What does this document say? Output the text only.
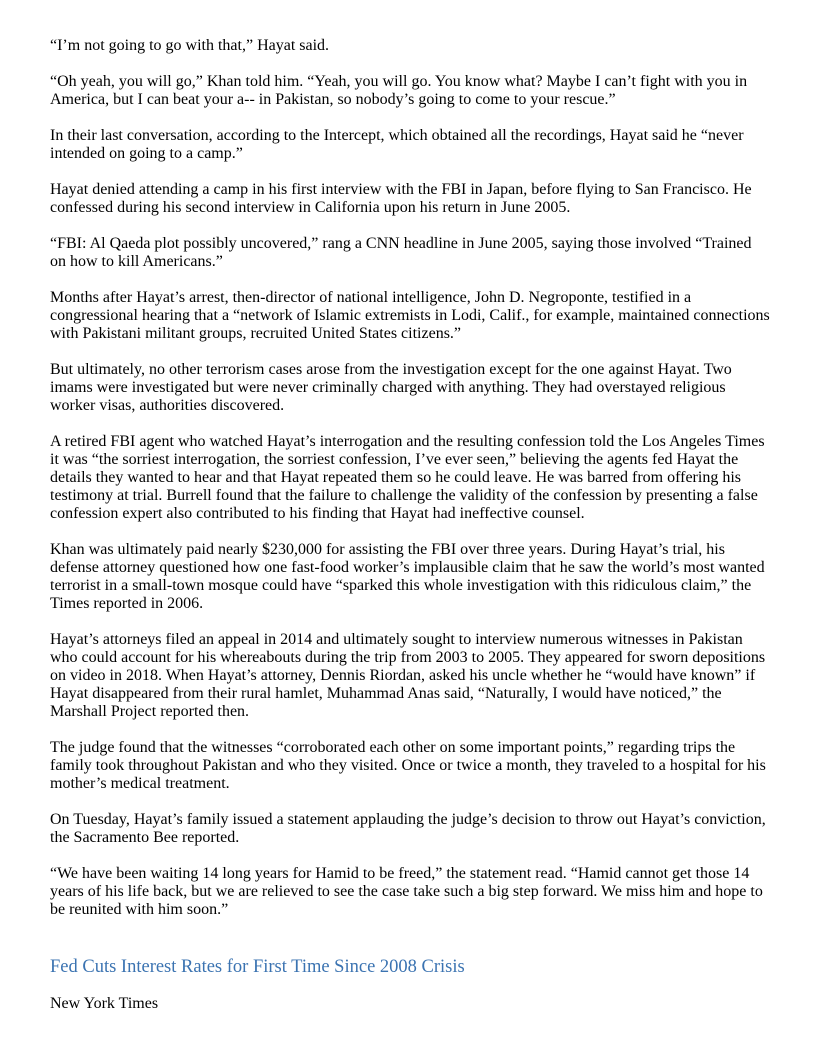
“I’m not going to go with that,” Hayat said.

“Oh yeah, you will go,” Khan told him. “Yeah, you will go. You know what? Maybe I can’t fight with you in America, but I can beat your a-- in Pakistan, so nobody’s going to come to your rescue.”

In their last conversation, according to the Intercept, which obtained all the recordings, Hayat said he “never intended on going to a camp.”

Hayat denied attending a camp in his first interview with the FBI in Japan, before flying to San Francisco. He confessed during his second interview in California upon his return in June 2005.

“FBI: Al Qaeda plot possibly uncovered,” rang a CNN headline in June 2005, saying those involved “Trained on how to kill Americans.”

Months after Hayat’s arrest, then-director of national intelligence, John D. Negroponte, testified in a congressional hearing that a “network of Islamic extremists in Lodi, Calif., for example, maintained connections with Pakistani militant groups, recruited United States citizens.”

But ultimately, no other terrorism cases arose from the investigation except for the one against Hayat. Two imams were investigated but were never criminally charged with anything. They had overstayed religious worker visas, authorities discovered.

A retired FBI agent who watched Hayat’s interrogation and the resulting confession told the Los Angeles Times it was “the sorriest interrogation, the sorriest confession, I’ve ever seen,” believing the agents fed Hayat the details they wanted to hear and that Hayat repeated them so he could leave. He was barred from offering his testimony at trial. Burrell found that the failure to challenge the validity of the confession by presenting a false confession expert also contributed to his finding that Hayat had ineffective counsel.

Khan was ultimately paid nearly $230,000 for assisting the FBI over three years. During Hayat’s trial, his defense attorney questioned how one fast-food worker’s implausible claim that he saw the world’s most wanted terrorist in a small-town mosque could have “sparked this whole investigation with this ridiculous claim,” the Times reported in 2006.

Hayat’s attorneys filed an appeal in 2014 and ultimately sought to interview numerous witnesses in Pakistan who could account for his whereabouts during the trip from 2003 to 2005. They appeared for sworn depositions on video in 2018. When Hayat’s attorney, Dennis Riordan, asked his uncle whether he “would have known” if Hayat disappeared from their rural hamlet, Muhammad Anas said, “Naturally, I would have noticed,” the Marshall Project reported then.

The judge found that the witnesses “corroborated each other on some important points,” regarding trips the family took throughout Pakistan and who they visited. Once or twice a month, they traveled to a hospital for his mother’s medical treatment.

On Tuesday, Hayat’s family issued a statement applauding the judge’s decision to throw out Hayat’s conviction, the Sacramento Bee reported.

“We have been waiting 14 long years for Hamid to be freed,” the statement read. “Hamid cannot get those 14 years of his life back, but we are relieved to see the case take such a big step forward. We miss him and hope to be reunited with him soon.”

Fed Cuts Interest Rates for First Time Since 2008 Crisis
New York Times
